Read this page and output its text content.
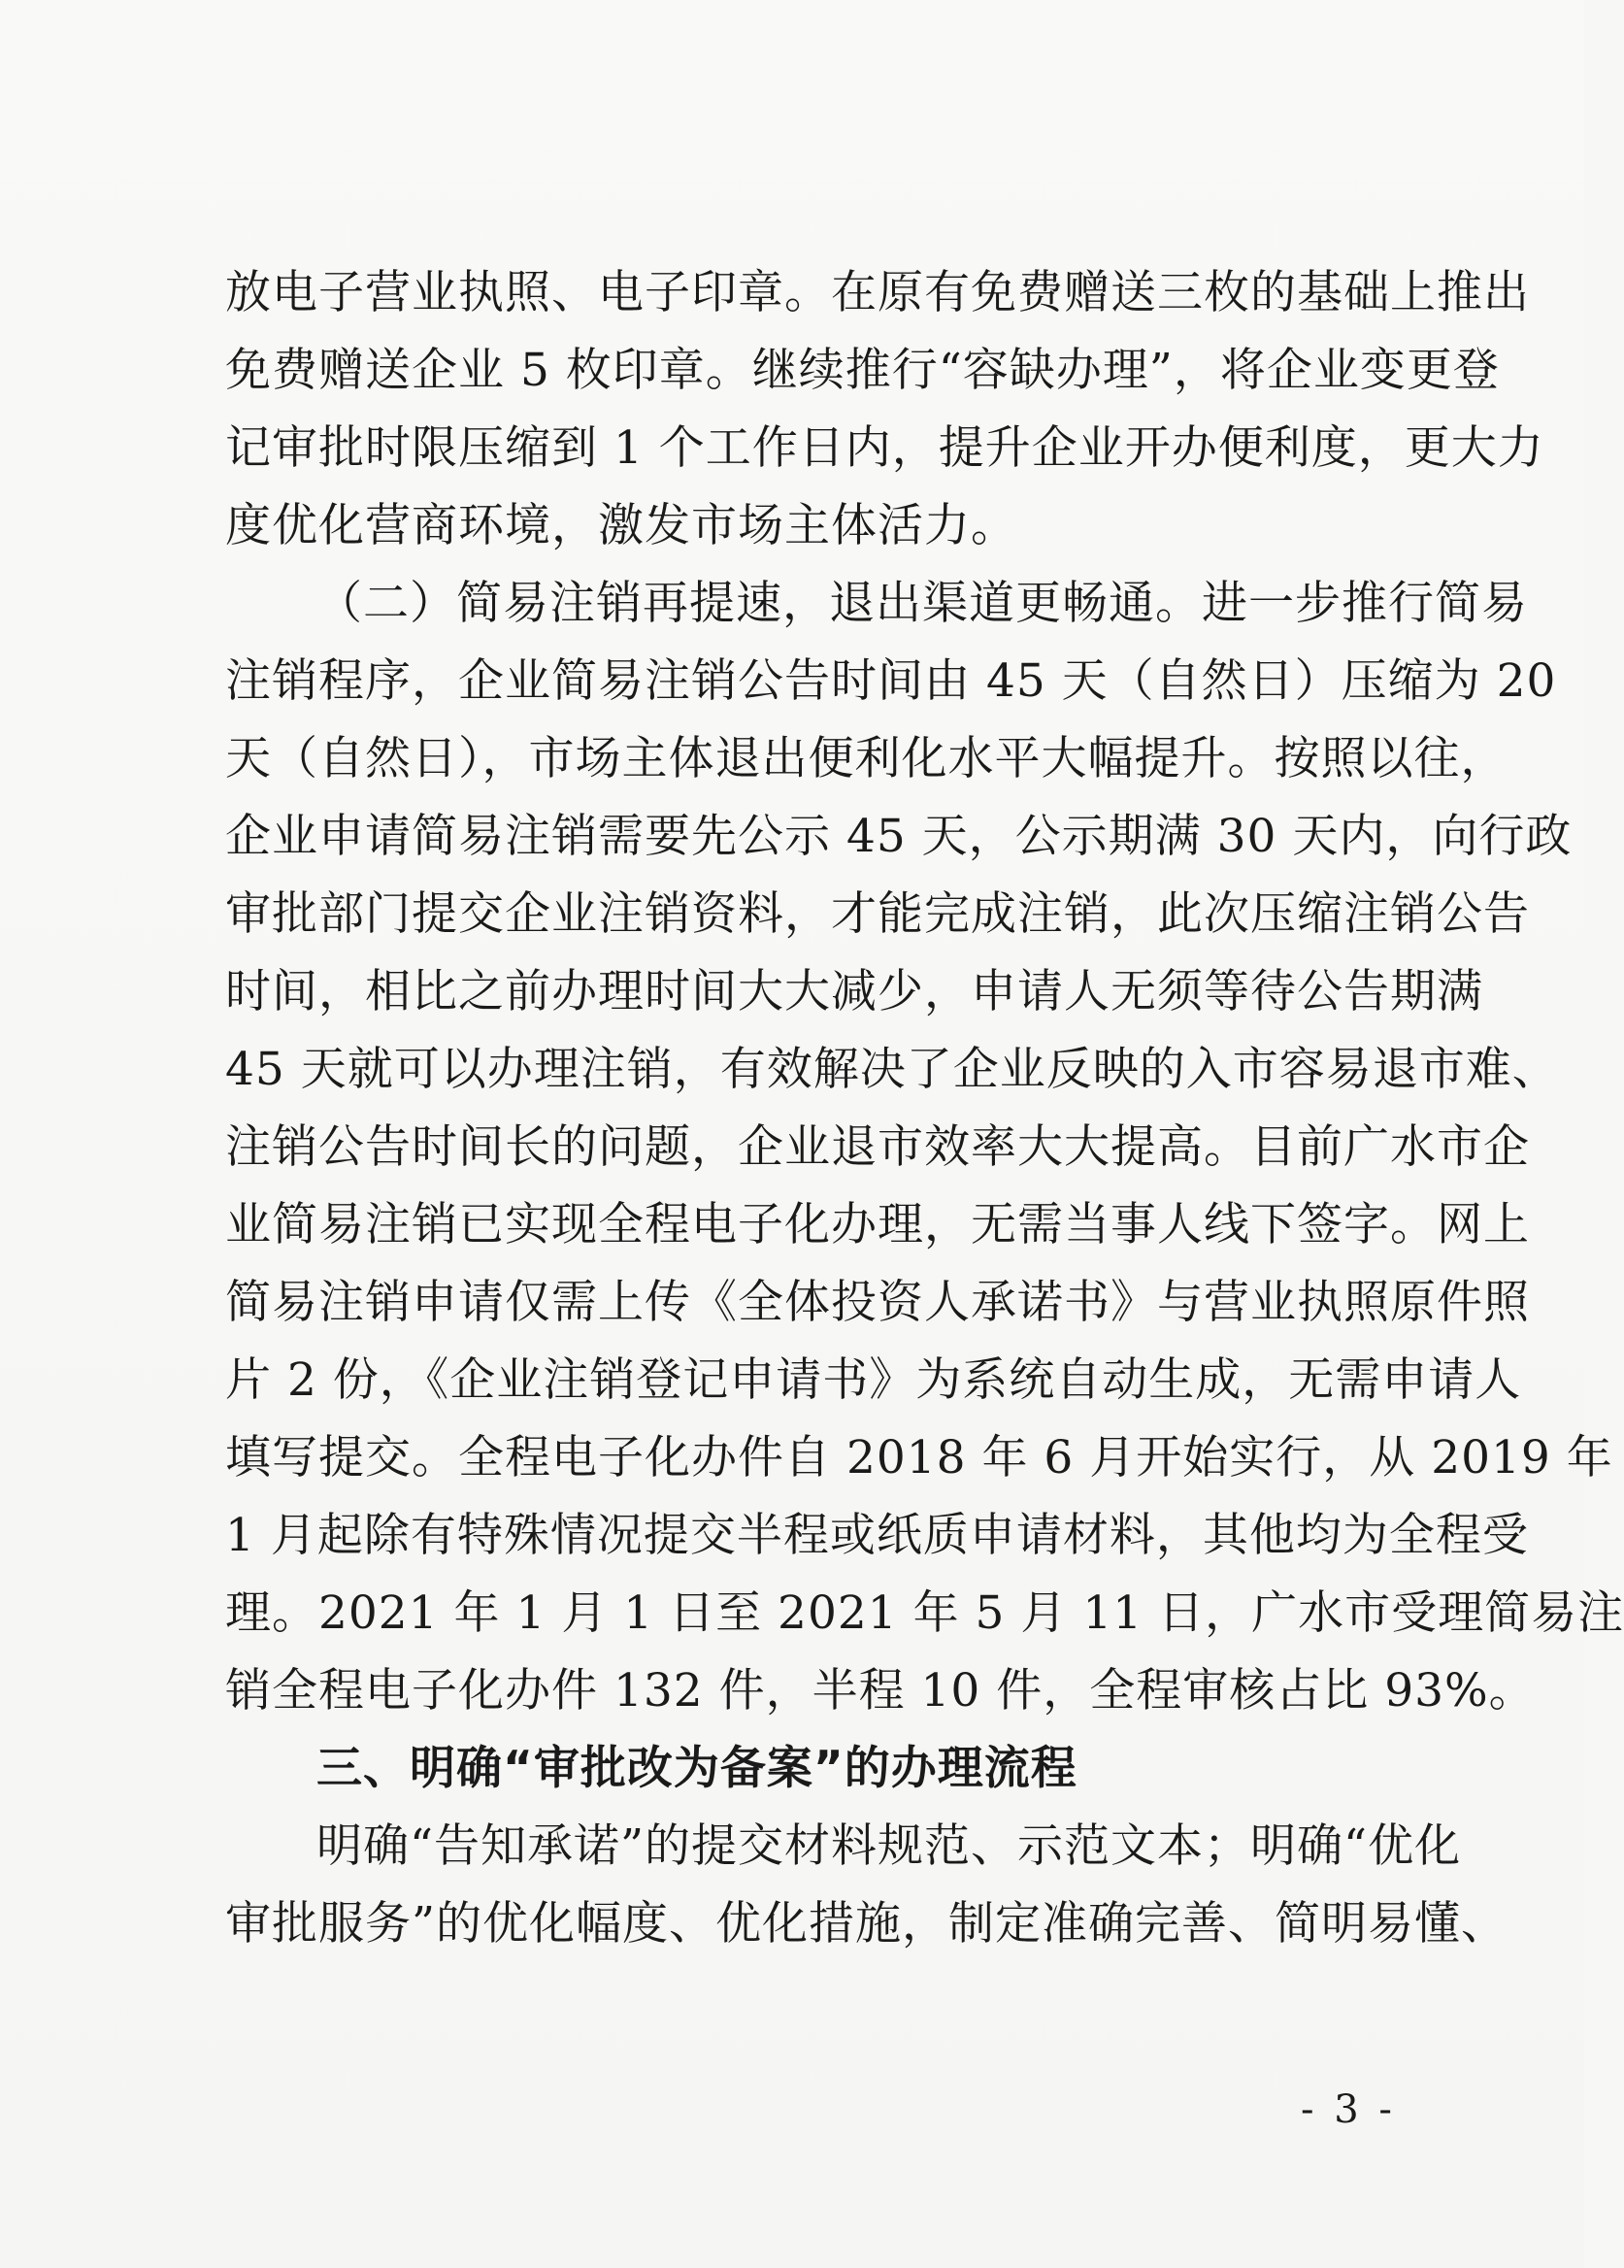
放电子营业执照、电子印章。在原有免费赠送三枚的基础上推出
免费赠送企业 5 枚印章。继续推行“容缺办理”，将企业变更登
记审批时限压缩到 1 个工作日内，提升企业开办便利度，更大力
度优化营商环境，激发市场主体活力。
（二）简易注销再提速，退出渠道更畅通。进一步推行简易
注销程序，企业简易注销公告时间由 45 天（自然日）压缩为 20
天（自然日），市场主体退出便利化水平大幅提升。按照以往，
企业申请简易注销需要先公示 45 天，公示期满 30 天内，向行政
审批部门提交企业注销资料，才能完成注销，此次压缩注销公告
时间，相比之前办理时间大大减少，申请人无须等待公告期满
45 天就可以办理注销，有效解决了企业反映的入市容易退市难、
注销公告时间长的问题，企业退市效率大大提高。目前广水市企
业简易注销已实现全程电子化办理，无需当事人线下签字。网上
简易注销申请仅需上传《全体投资人承诺书》与营业执照原件照
片 2 份，《企业注销登记申请书》为系统自动生成，无需申请人
填写提交。全程电子化办件自 2018 年 6 月开始实行，从 2019 年
1 月起除有特殊情况提交半程或纸质申请材料，其他均为全程受
理。2021 年 1 月 1 日至 2021 年 5 月 11 日，广水市受理简易注
销全程电子化办件 132 件，半程 10 件，全程审核占比 93%。
三、明确“审批改为备案”的办理流程
明确“告知承诺”的提交材料规范、示范文本；明确“优化
审批服务”的优化幅度、优化措施，制定准确完善、简明易懂、
- 3 -
